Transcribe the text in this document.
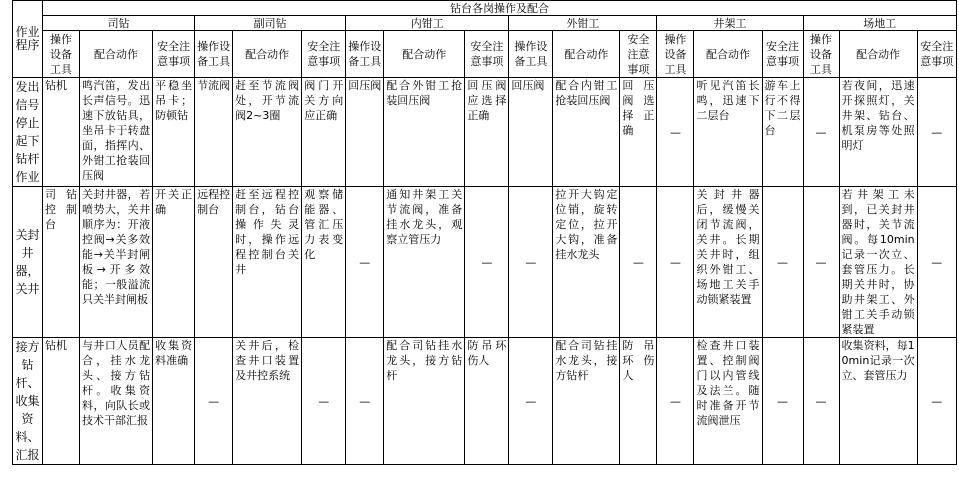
作业程序	钻台各岗操作及配合																	
	司钻			副司钻			内钳工			外钳工			井架工			场地工		
	操作设备工具	配合动作	安全注意事项	操作设备工具	配合动作	安全注意事项	操作设备工具	配合动作	安全注意事项	操作设备工具	配合动作	安全注意事项	操作设备工具	配合动作	安全注意事项	操作设备工具	配合动作	安全注意事项
发出信号停止起下钻杆作业	钻机	鸣汽笛，发出长声信号。迅速下放钻具，坐吊卡于转盘面，指挥内、外钳工抢装回压阀	平稳坐吊卡；防顿钻	节流阀	赶至节流阀处，开节流阀2~3圈	阀门开关方向应正确	回压阀	配合外钳工抢装回压阀	回压阀应选择正确	回压阀	配合内钳工抢装回压阀	回压阀选择正确	—	听见汽笛长鸣，迅速下二层台	游车上行不得下二层台	—	若夜间，迅速开探照灯，关井架、钻台、机泵房等处照明灯	—
关封井器，关井	司钻控制台	关封井器，若喷势大，关井顺序为：开液控阀→关多效能→关半封闸板→开多效能；一般溢流只关半封闸板	开关正确	远程控制台	赶至远程控制台，钻台操作失灵时，操作远程控制台关井	观察储能器、管汇压力表变化	—	通知井架工关节流阀，准备挂水龙头，观察立管压力	—	—	拉开大钩定位销，旋转定位，拉开大钩，准备挂水龙头	—	—	关封井器后，缓慢关闭节流阀，关井。长期关井时，组织外钳工、场地工关手动锁紧装置	—	—	若井架工未到，已关封井器时，关节流阀。每10min记录一次立、套管压力。长期关井时，协助井架工、外钳工关手动锁紧装置	—
接方钻杆、收集资料、汇报	钻机	与井口人员配合，挂水龙头、接方钻杆。收集资料，向队长或技术干部汇报	收集资料准确	—	关井后，检查井口装置及井控系统	—	—	配合司钻挂水龙头，接方钻杆	防吊环伤人	—	配合司钻挂水龙头，接方钻杆	防吊环伤人	—	检查井口装置、控制阀门以内管线及法兰。随时准备开节流阀泄压	—	—	收集资料，每10min记录一次立、套管压力	—
